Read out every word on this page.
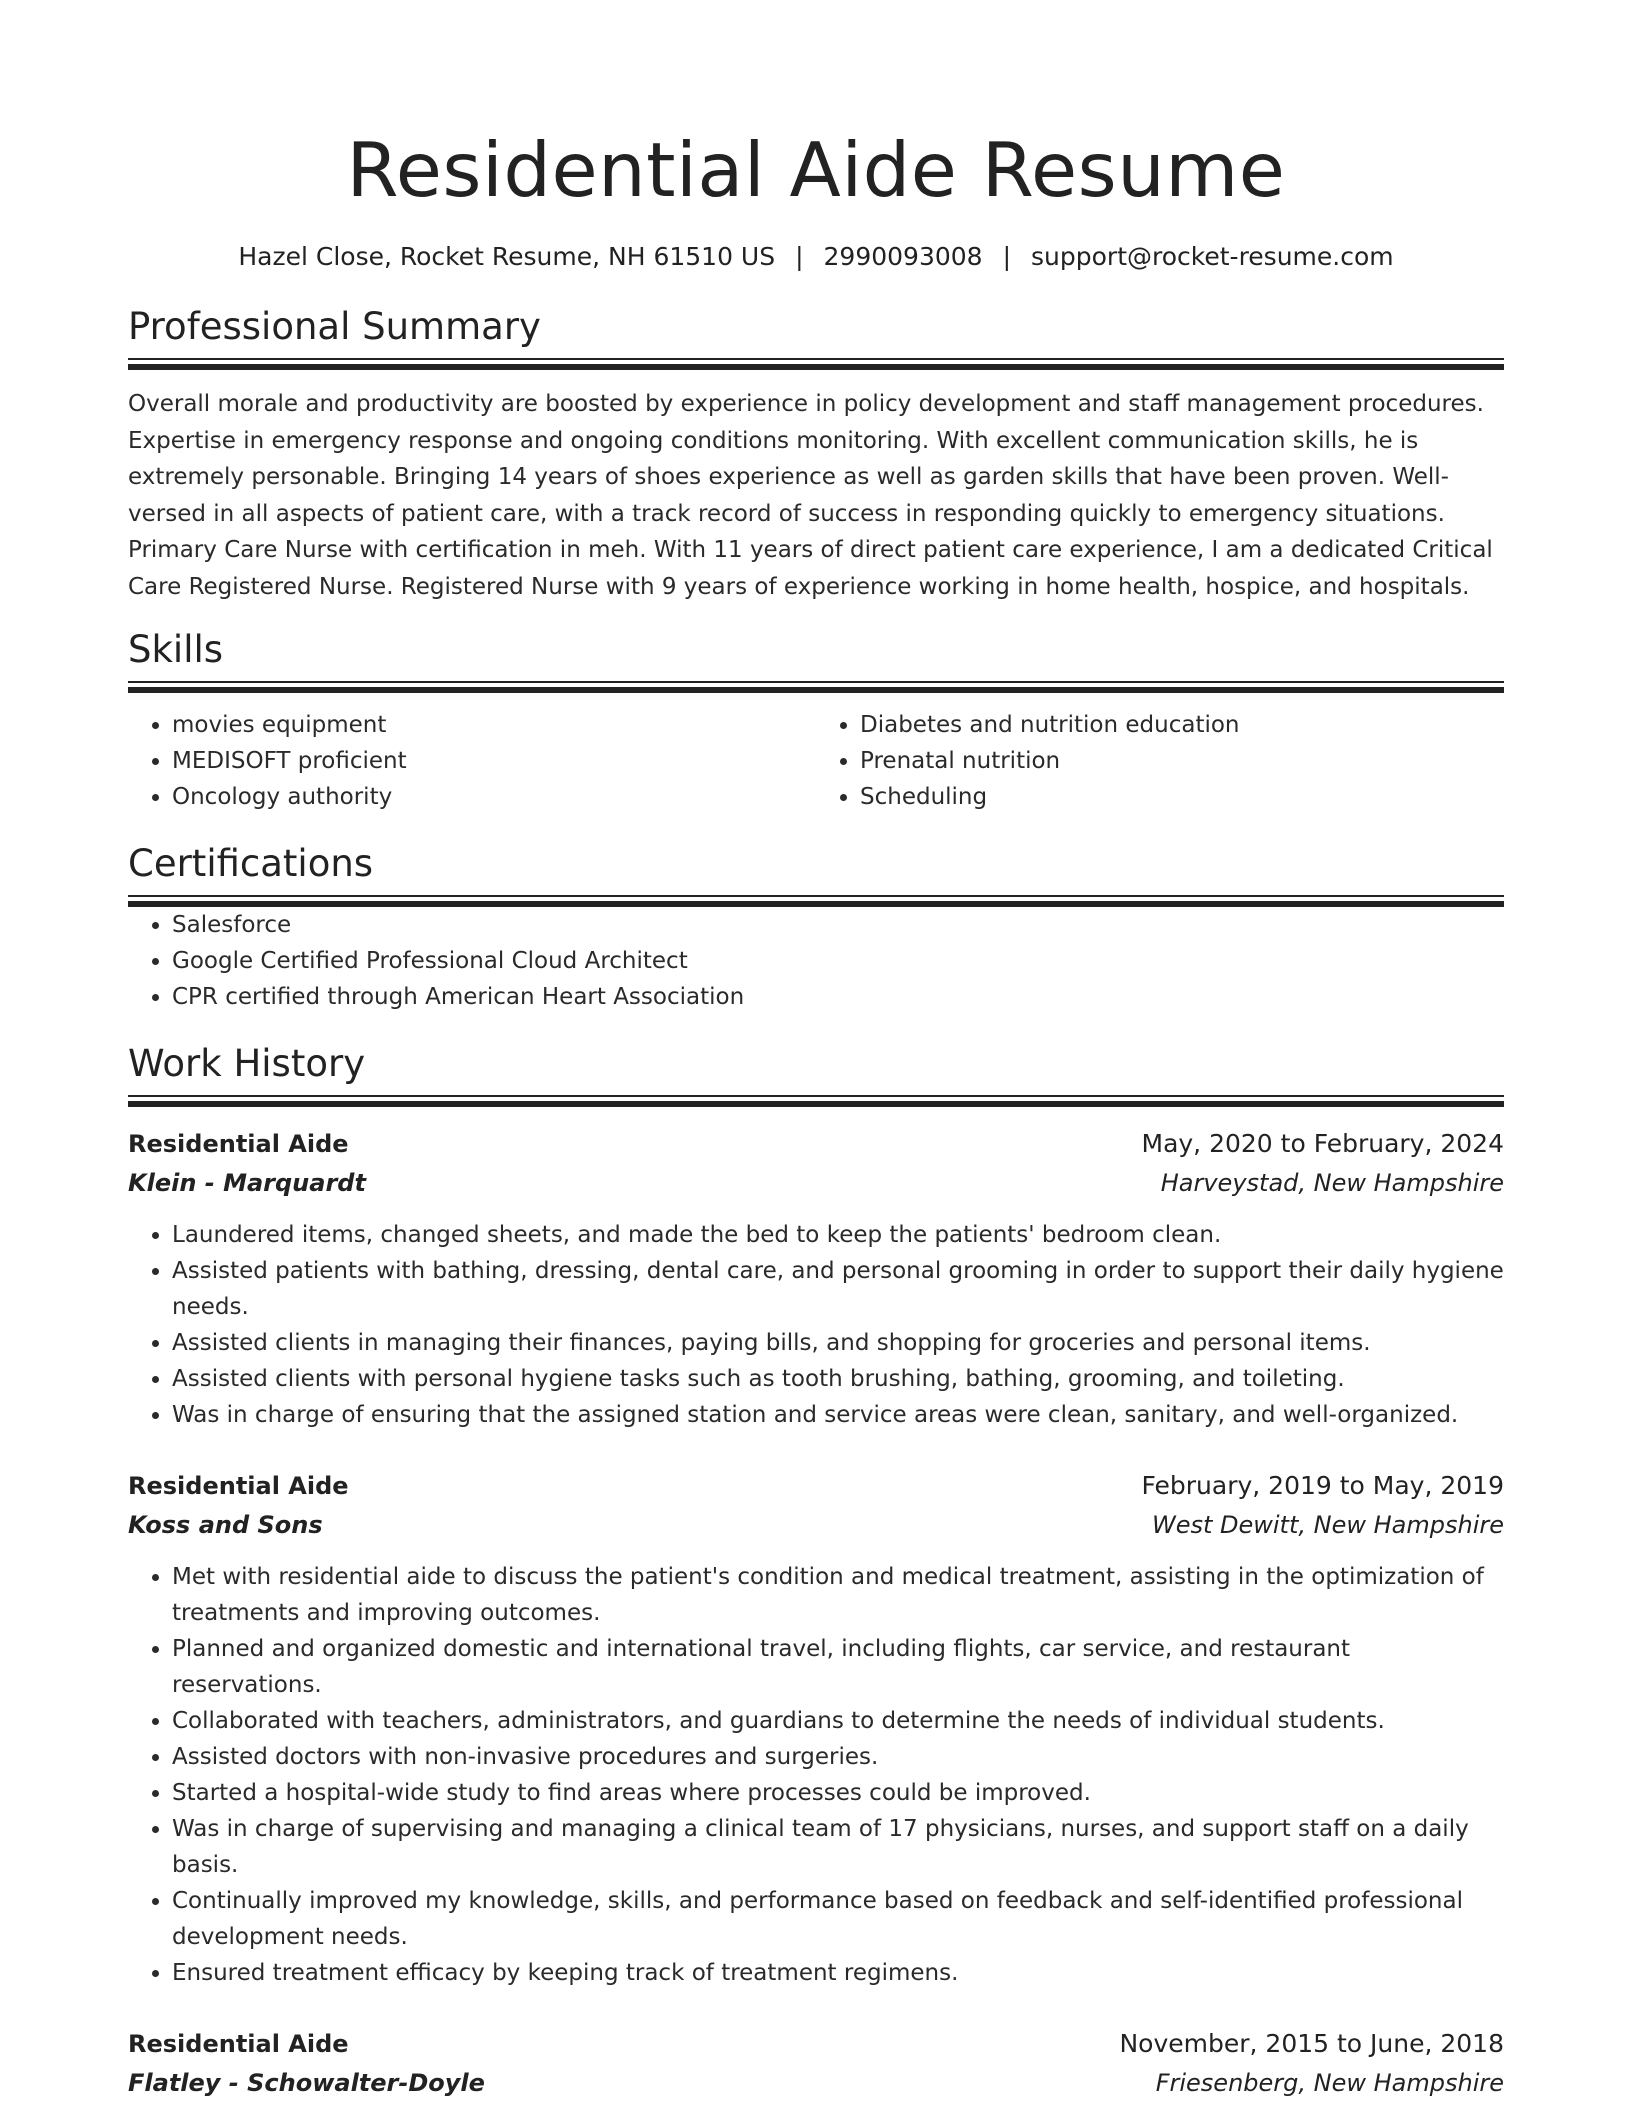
Residential Aide Resume
Hazel Close, Rocket Resume, NH 61510 US | 2990093008 | support@rocket-resume.com
Professional Summary

Overall morale and productivity are boosted by experience in policy development and staff management procedures. Expertise in emergency response and ongoing conditions monitoring. With excellent communication skills, he is extremely personable. Bringing 14 years of shoes experience as well as garden skills that have been proven. Well-versed in all aspects of patient care, with a track record of success in responding quickly to emergency situations. Primary Care Nurse with certification in meh. With 11 years of direct patient care experience, I am a dedicated Critical Care Registered Nurse. Registered Nurse with 9 years of experience working in home health, hospice, and hospitals.

Skills
• movies equipment
• MEDISOFT proficient
• Oncology authority
• Diabetes and nutrition education
• Prenatal nutrition
• Scheduling
Certifications
• Salesforce
• Google Certified Professional Cloud Architect
• CPR certified through American Heart Association
Work History
Residential Aide	May, 2020 to February, 2024
Klein - Marquardt	Harveystad, New Hampshire
• Laundered items, changed sheets, and made the bed to keep the patients' bedroom clean.
• Assisted patients with bathing, dressing, dental care, and personal grooming in order to support their daily hygiene needs.
• Assisted clients in managing their finances, paying bills, and shopping for groceries and personal items.
• Assisted clients with personal hygiene tasks such as tooth brushing, bathing, grooming, and toileting.
• Was in charge of ensuring that the assigned station and service areas were clean, sanitary, and well-organized.
Residential Aide	February, 2019 to May, 2019
Koss and Sons	West Dewitt, New Hampshire
• Met with residential aide to discuss the patient's condition and medical treatment, assisting in the optimization of treatments and improving outcomes.
• Planned and organized domestic and international travel, including flights, car service, and restaurant reservations.
• Collaborated with teachers, administrators, and guardians to determine the needs of individual students.
• Assisted doctors with non-invasive procedures and surgeries.
• Started a hospital-wide study to find areas where processes could be improved.
• Was in charge of supervising and managing a clinical team of 17 physicians, nurses, and support staff on a daily basis.
• Continually improved my knowledge, skills, and performance based on feedback and self-identified professional development needs.
• Ensured treatment efficacy by keeping track of treatment regimens.
Residential Aide	November, 2015 to June, 2018
Flatley - Schowalter-Doyle	Friesenberg, New Hampshire
